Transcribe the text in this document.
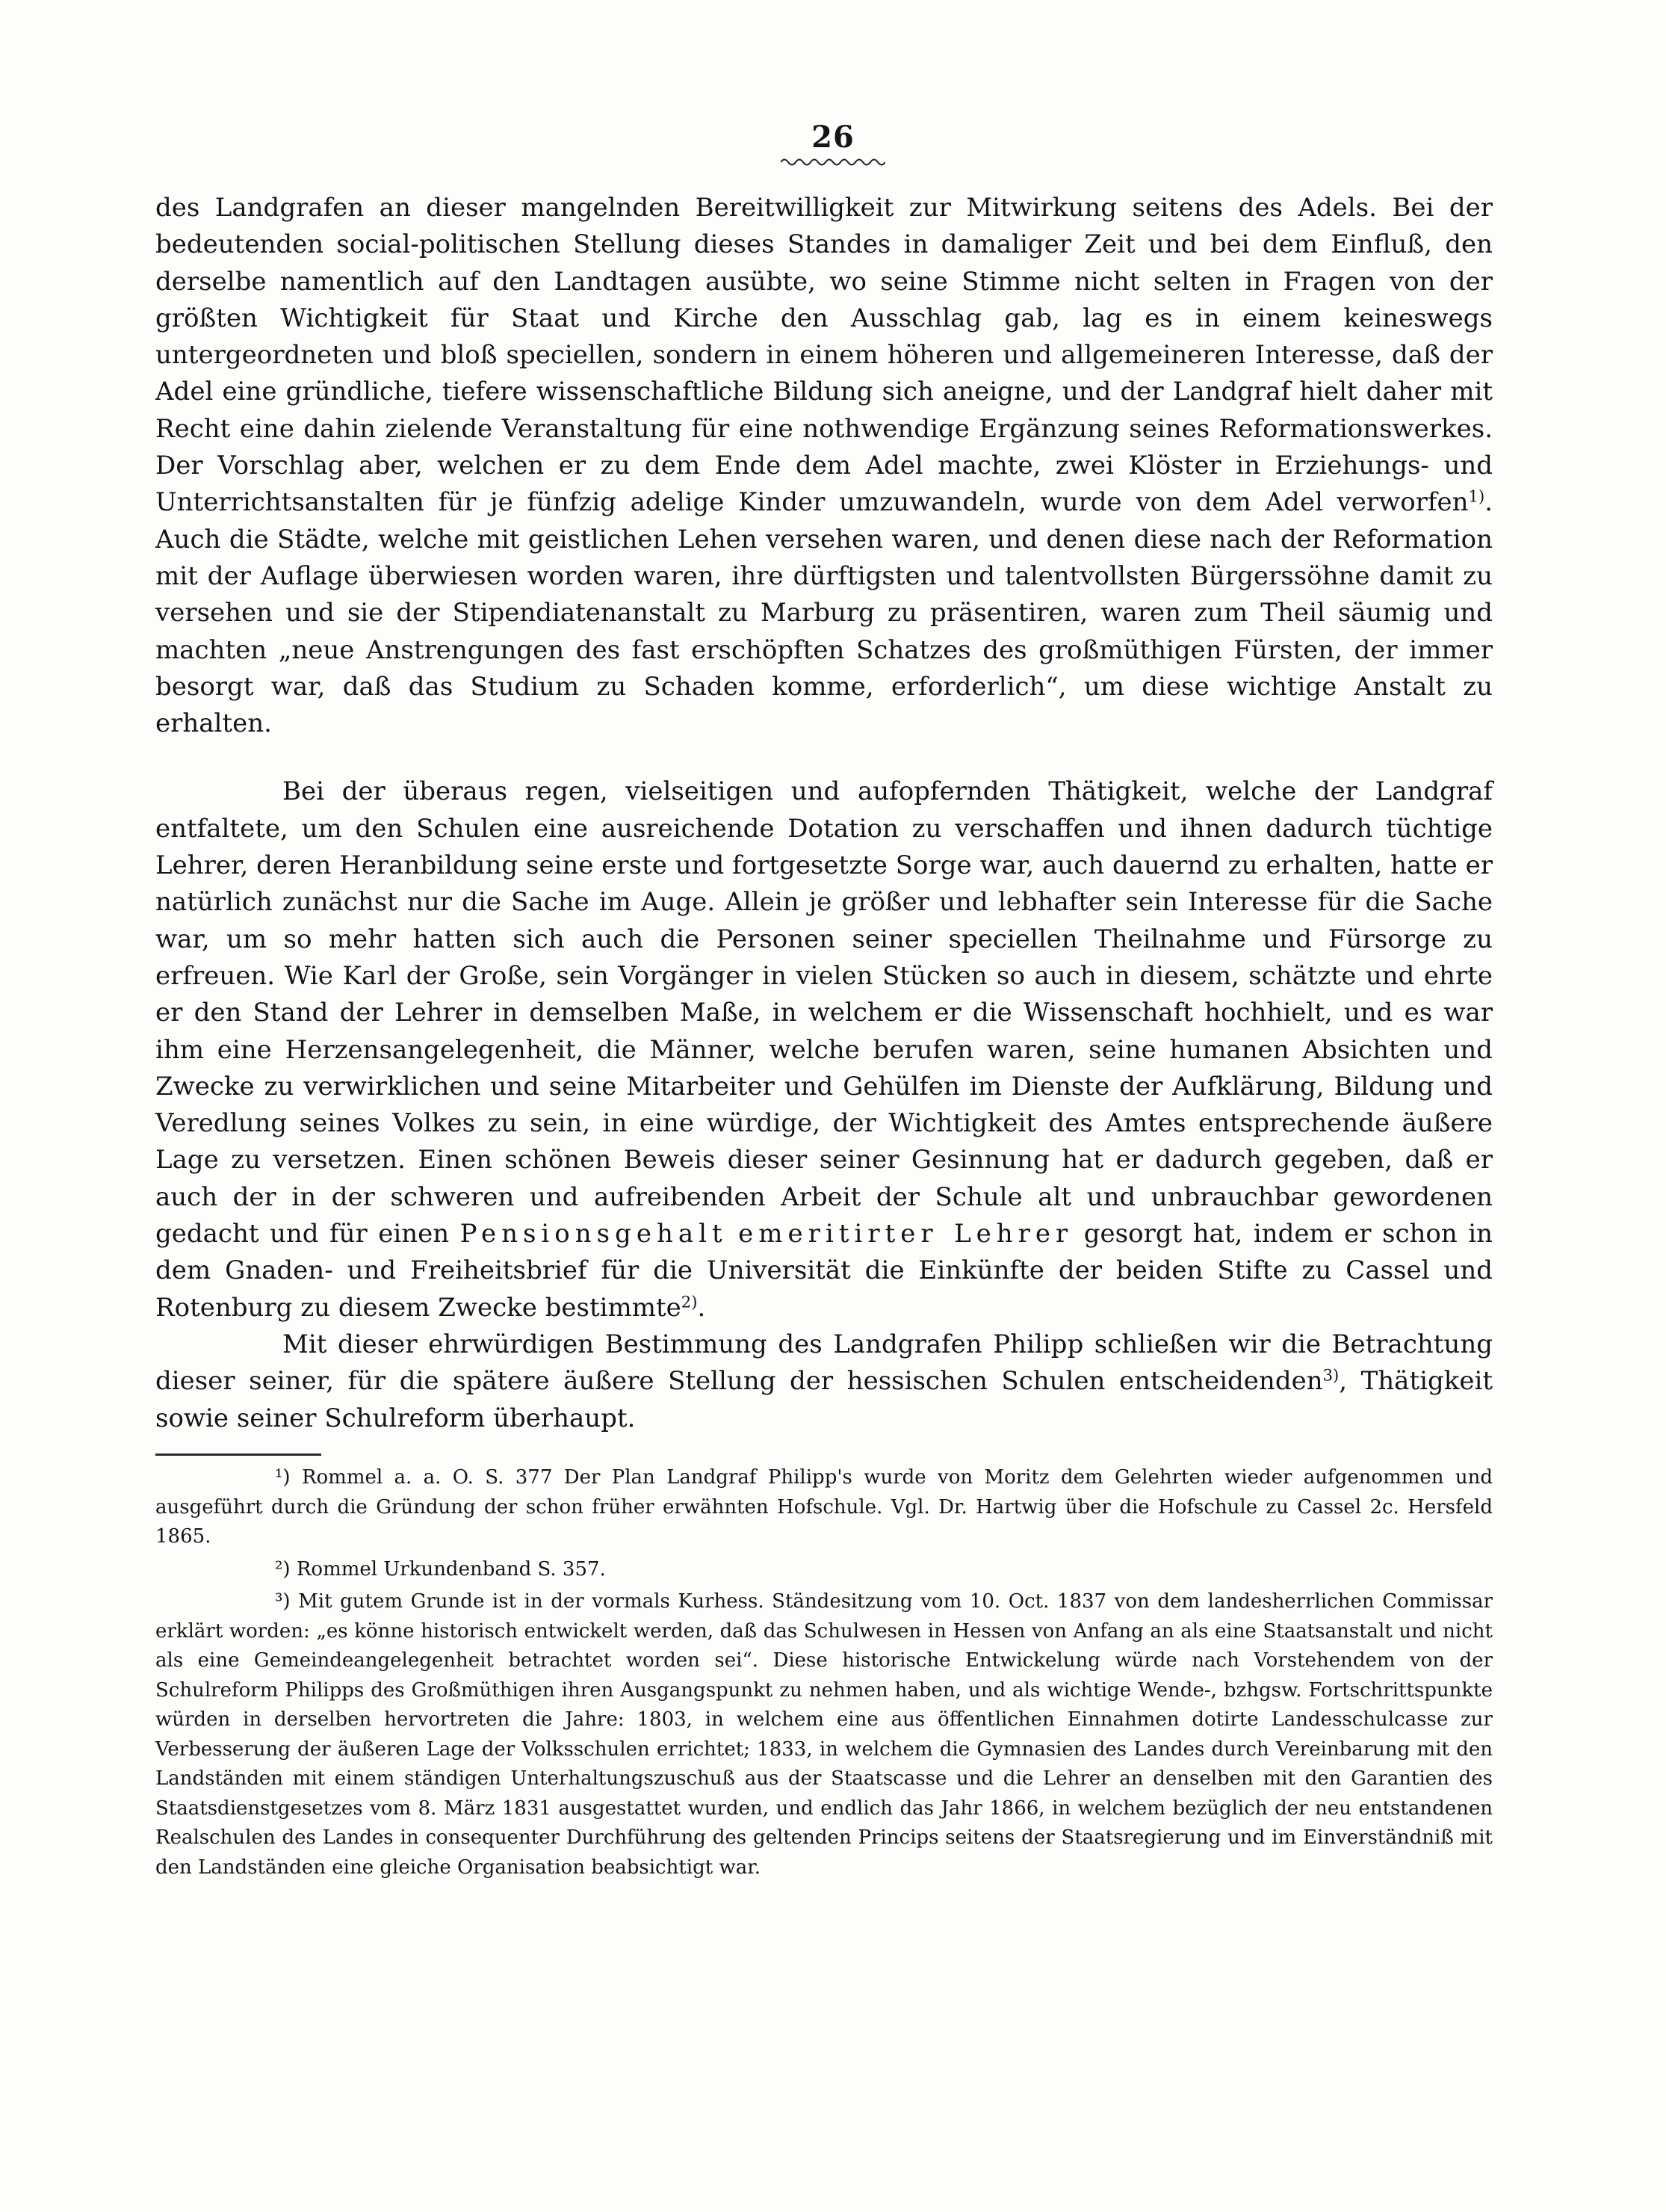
26

des Landgrafen an dieser mangelnden Bereitwilligkeit zur Mitwirkung seitens des Adels. Bei der bedeutenden social-politischen Stellung dieses Standes in damaliger Zeit und bei dem Einfluß, den derselbe namentlich auf den Landtagen ausübte, wo seine Stimme nicht selten in Fragen von der größten Wichtigkeit für Staat und Kirche den Ausschlag gab, lag es in einem keineswegs untergeordneten und bloß speciellen, sondern in einem höheren und allgemeineren Interesse, daß der Adel eine gründliche, tiefere wissenschaftliche Bildung sich aneigne, und der Landgraf hielt daher mit Recht eine dahin zielende Veranstaltung für eine nothwendige Ergänzung seines Reformationswerkes. Der Vorschlag aber, welchen er zu dem Ende dem Adel machte, zwei Klöster in Erziehungs- und Unterrichtsanstalten für je fünfzig adelige Kinder umzuwandeln, wurde von dem Adel verworfen$^{1)}$. Auch die Städte, welche mit geistlichen Lehen versehen waren, und denen diese nach der Reformation mit der Auflage überwiesen worden waren, ihre dürftigsten und talentvollsten Bürgerssöhne damit zu versehen und sie der Stipendiatenanstalt zu Marburg zu präsentiren, waren zum Theil säumig und machten „neue Anstrengungen des fast erschöpften Schatzes des großmüthigen Fürsten, der immer besorgt war, daß das Studium zu Schaden komme, erforderlich“, um diese wichtige Anstalt zu erhalten.

Bei der überaus regen, vielseitigen und aufopfernden Thätigkeit, welche der Landgraf entfaltete, um den Schulen eine ausreichende Dotation zu verschaffen und ihnen dadurch tüchtige Lehrer, deren Heranbildung seine erste und fortgesetzte Sorge war, auch dauernd zu erhalten, hatte er natürlich zunächst nur die Sache im Auge. Allein je größer und lebhafter sein Interesse für die Sache war, um so mehr hatten sich auch die Personen seiner speciellen Theilnahme und Fürsorge zu erfreuen. Wie Karl der Große, sein Vorgänger in vielen Stücken so auch in diesem, schätzte und ehrte er den Stand der Lehrer in demselben Maße, in welchem er die Wissenschaft hochhielt, und es war ihm eine Herzensangelegenheit, die Männer, welche berufen waren, seine humanen Absichten und Zwecke zu verwirklichen und seine Mitarbeiter und Gehülfen im Dienste der Aufklärung, Bildung und Veredlung seines Volkes zu sein, in eine würdige, der Wichtigkeit des Amtes entsprechende äußere Lage zu versetzen. Einen schönen Beweis dieser seiner Gesinnung hat er dadurch gegeben, daß er auch der in der schweren und aufreibenden Arbeit der Schule alt und unbrauchbar gewordenen gedacht und für einen Pensionsgehalt emeritirter Lehrer gesorgt hat, indem er schon in dem Gnaden- und Freiheitsbrief für die Universität die Einkünfte der beiden Stifte zu Cassel und Rotenburg zu diesem Zwecke bestimmte$^{2)}$.

Mit dieser ehrwürdigen Bestimmung des Landgrafen Philipp schließen wir die Betrachtung dieser seiner, für die spätere äußere Stellung der hessischen Schulen entscheidenden$^{3)}$, Thätigkeit sowie seiner Schulreform überhaupt.

¹) Rommel a. a. O. S. 377 Der Plan Landgraf Philipp's wurde von Moritz dem Gelehrten wieder aufgenommen und ausgeführt durch die Gründung der schon früher erwähnten Hofschule. Vgl. Dr. Hartwig über die Hofschule zu Cassel 2c. Hersfeld 1865.

²) Rommel Urkundenband S. 357.

³) Mit gutem Grunde ist in der vormals Kurhess. Ständesitzung vom 10. Oct. 1837 von dem landesherrlichen Commissar erklärt worden: „es könne historisch entwickelt werden, daß das Schulwesen in Hessen von Anfang an als eine Staatsanstalt und nicht als eine Gemeindeangelegenheit betrachtet worden sei“. Diese historische Entwickelung würde nach Vorstehendem von der Schulreform Philipps des Großmüthigen ihren Ausgangspunkt zu nehmen haben, und als wichtige Wende-, bzhgsw. Fortschrittspunkte würden in derselben hervortreten die Jahre: 1803, in welchem eine aus öffentlichen Einnahmen dotirte Landesschulcasse zur Verbesserung der äußeren Lage der Volksschulen errichtet; 1833, in welchem die Gymnasien des Landes durch Vereinbarung mit den Landständen mit einem ständigen Unterhaltungszuschuß aus der Staatscasse und die Lehrer an denselben mit den Garantien des Staatsdienstgesetzes vom 8. März 1831 ausgestattet wurden, und endlich das Jahr 1866, in welchem bezüglich der neu entstandenen Realschulen des Landes in consequenter Durchführung des geltenden Princips seitens der Staatsregierung und im Einverständniß mit den Landständen eine gleiche Organisation beabsichtigt war.
